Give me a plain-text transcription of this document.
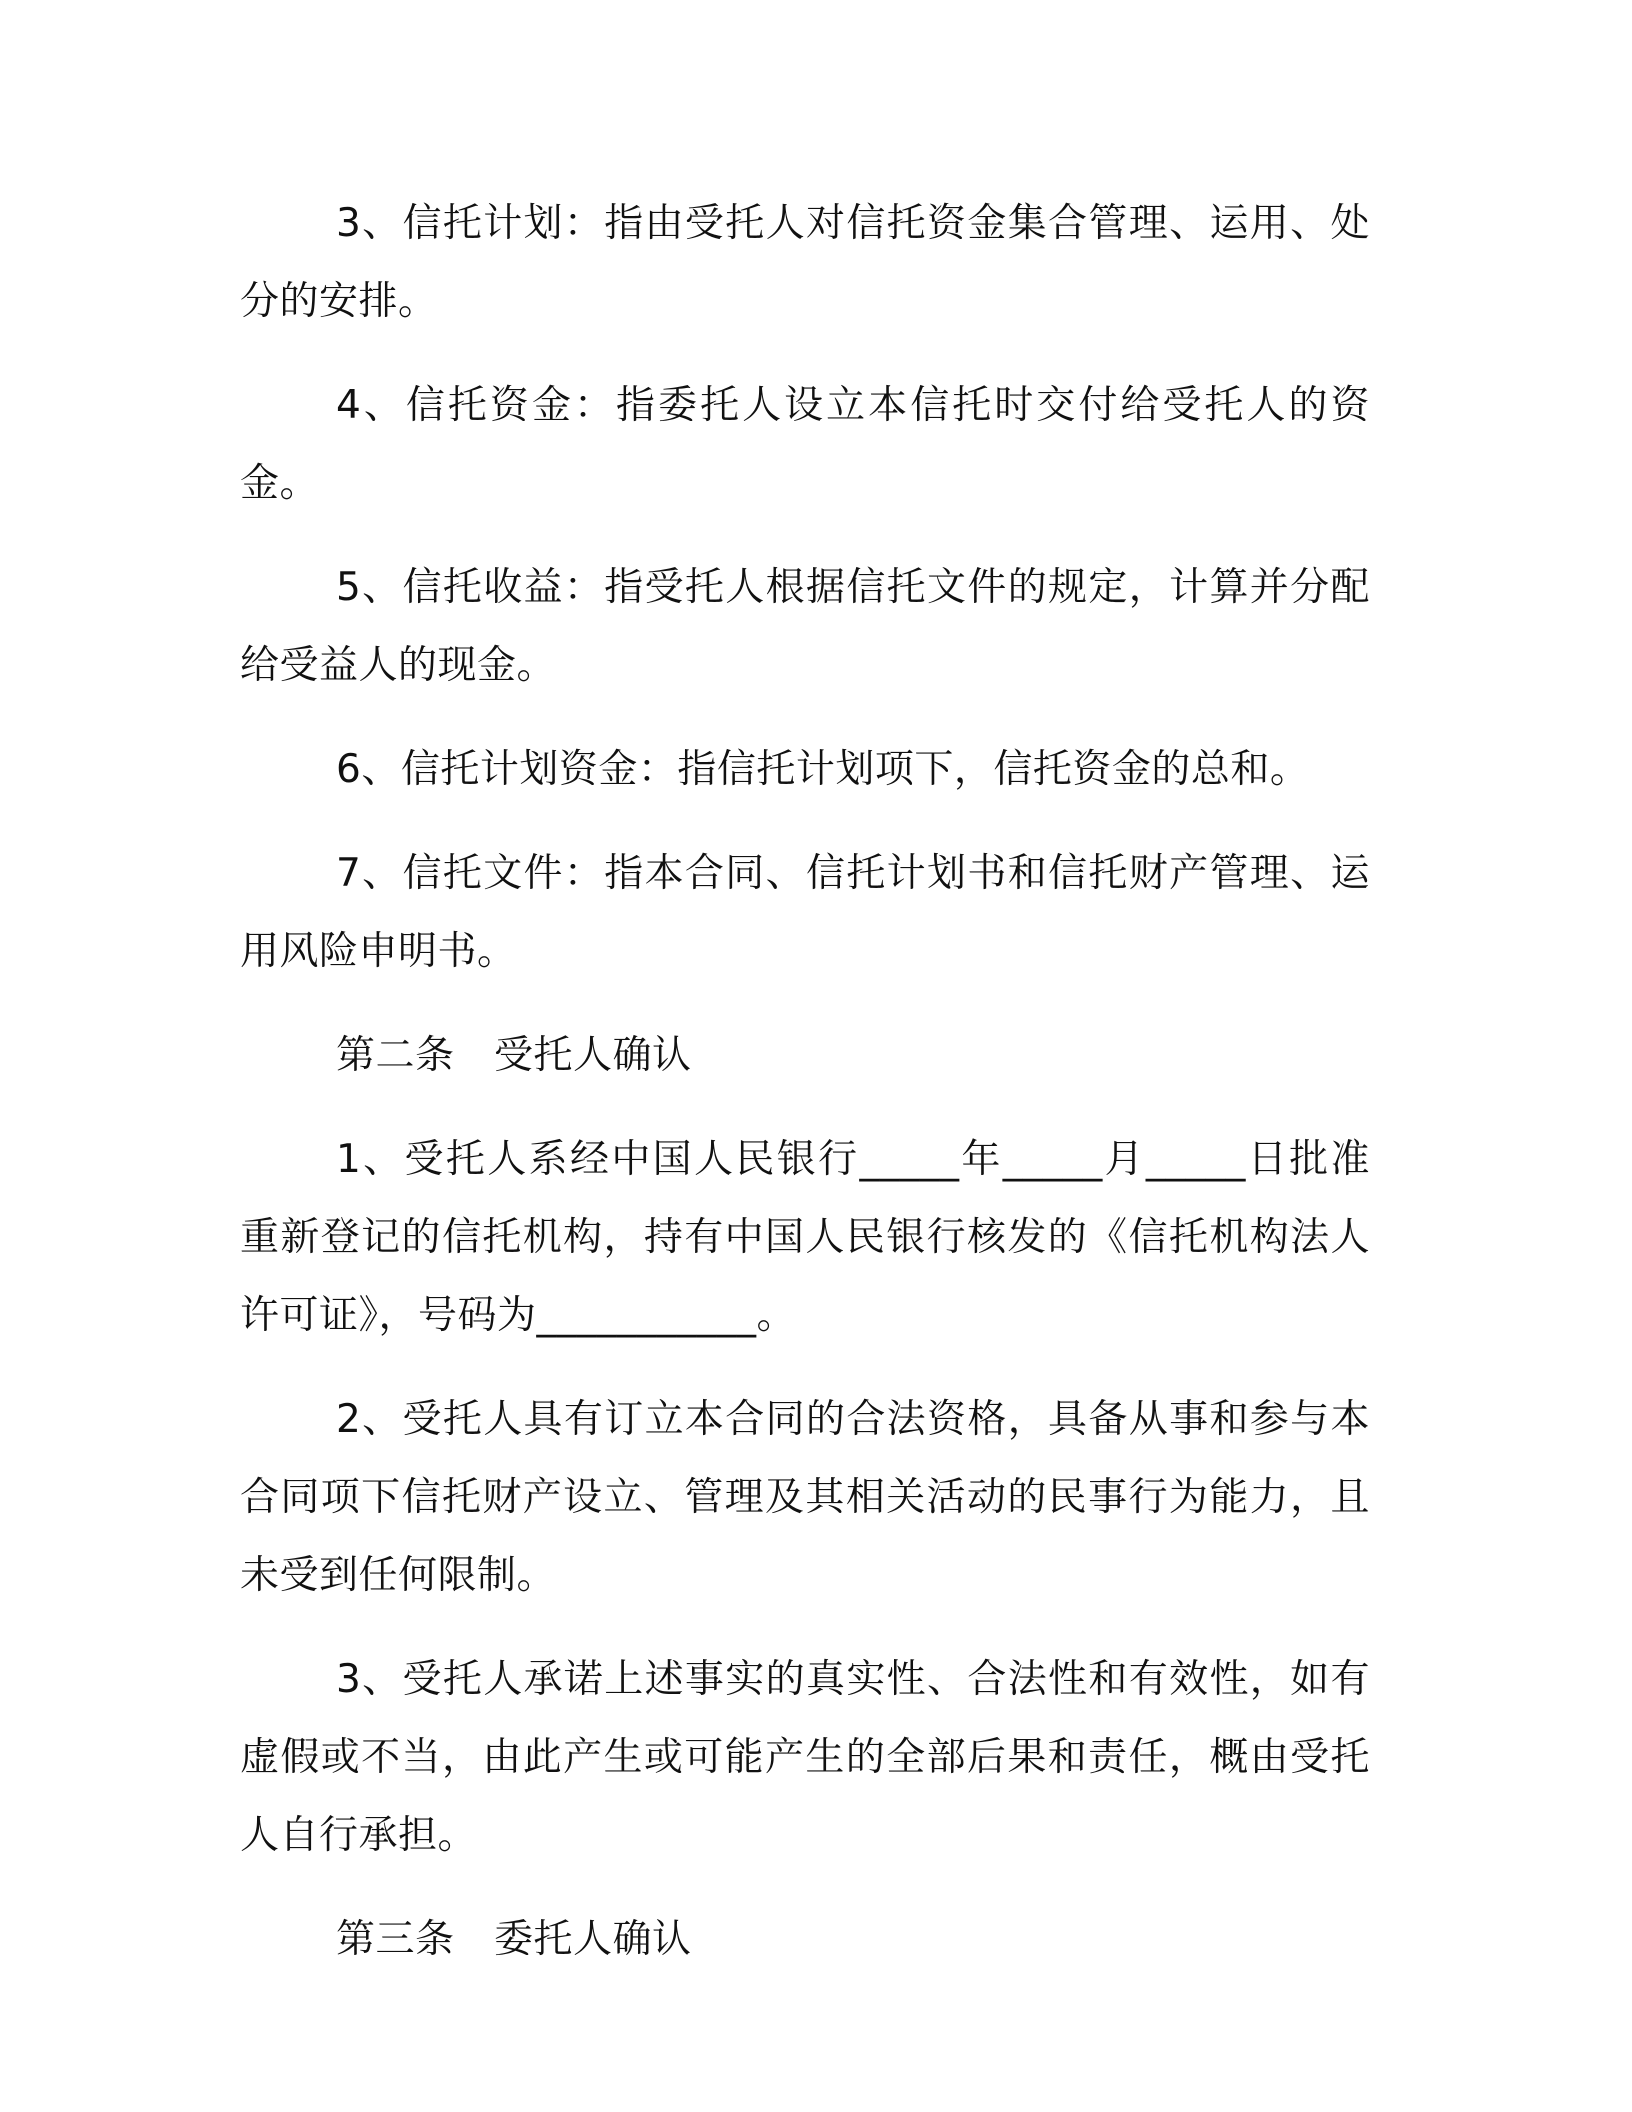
3、信托计划：指由受托人对信托资金集合管理、运用、处分的安排。

4、信托资金：指委托人设立本信托时交付给受托人的资金。

5、信托收益：指受托人根据信托文件的规定，计算并分配给受益人的现金。

6、信托计划资金：指信托计划项下，信托资金的总和。

7、信托文件：指本合同、信托计划书和信托财产管理、运用风险申明书。

第二条　受托人确认

1、受托人系经中国人民银行_____年_____月_____日批准重新登记的信托机构，持有中国人民银行核发的《信托机构法人许可证》，号码为___________。

2、受托人具有订立本合同的合法资格，具备从事和参与本合同项下信托财产设立、管理及其相关活动的民事行为能力，且未受到任何限制。

3、受托人承诺上述事实的真实性、合法性和有效性，如有虚假或不当，由此产生或可能产生的全部后果和责任，概由受托人自行承担。

第三条　委托人确认
